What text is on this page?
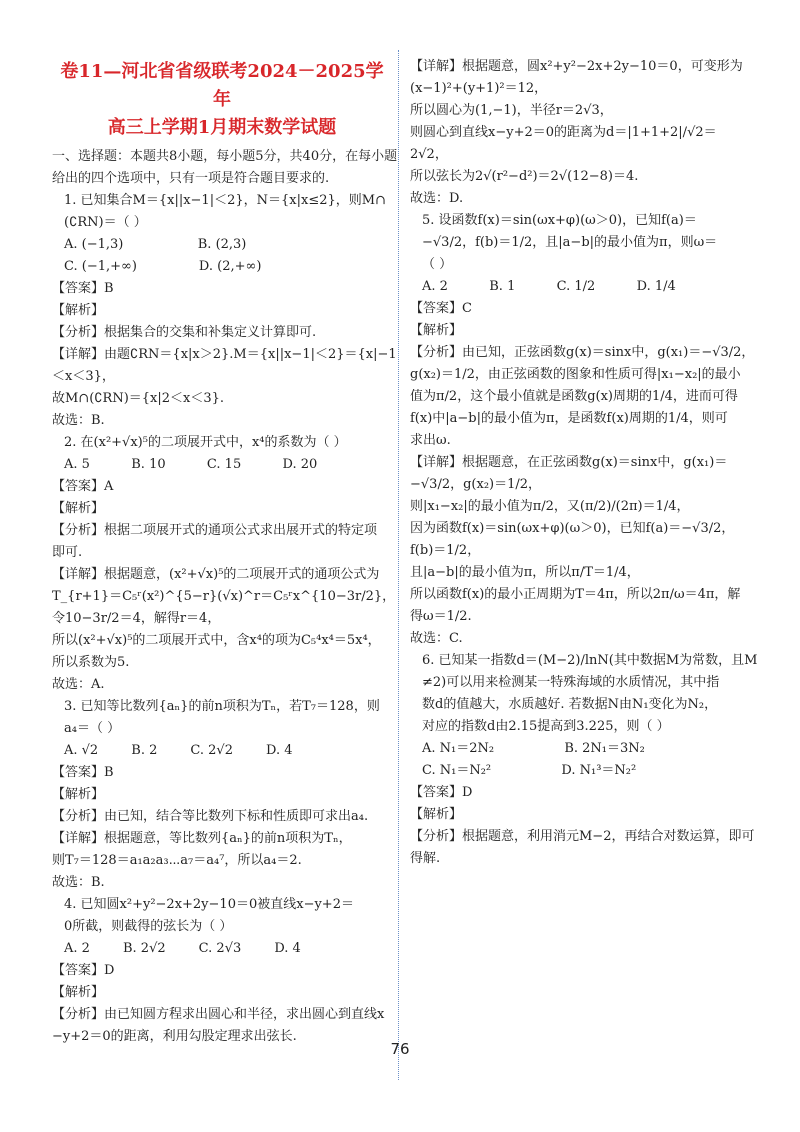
卷11—河北省省级联考2024－2025学年
高三上学期1月期末数学试题
一、选择题：本题共8小题，每小题5分，共40分，在每小题
给出的四个选项中，只有一项是符合题目要求的.
1. 已知集合M＝{x||x−1|＜2}，N＝{x|x≤2}，则M∩
(∁RN)＝（ ）
A. (−1,3)                  B. (2,3)
C. (−1,+∞)               D. (2,+∞)
【答案】B
【解析】
【分析】根据集合的交集和补集定义计算即可.
【详解】由题∁RN＝{x|x＞2}.M＝{x||x−1|＜2}＝{x|−1
＜x＜3}，
故M∩(∁RN)＝{x|2＜x＜3}.
故选：B.
2. 在(x²+√x)⁵的二项展开式中，x⁴的系数为（ ）
A. 5          B. 10          C. 15          D. 20
【答案】A
【解析】
【分析】根据二项展开式的通项公式求出展开式的特定项
即可.
【详解】根据题意，(x²+√x)⁵的二项展开式的通项公式为
T_{r+1}＝C₅ʳ(x²)^{5−r}(√x)^r＝C₅ʳx^{10−3r/2}，
令10−3r/2＝4，解得r＝4，
所以(x²+√x)⁵的二项展开式中，含x⁴的项为C₅⁴x⁴＝5x⁴，
所以系数为5.
故选：A.
3. 已知等比数列{aₙ}的前n项积为Tₙ，若T₇＝128，则
a₄＝（ ）
A. √2        B. 2        C. 2√2        D. 4
【答案】B
【解析】
【分析】由已知，结合等比数列下标和性质即可求出a₄.
【详解】根据题意，等比数列{aₙ}的前n项积为Tₙ，
则T₇＝128＝a₁a₂a₃⋯a₇＝a₄⁷，所以a₄＝2.
故选：B.
4. 已知圆x²+y²−2x+2y−10＝0被直线x−y+2＝
0所截，则截得的弦长为（ ）
A. 2        B. 2√2        C. 2√3        D. 4
【答案】D
【解析】
【分析】由已知圆方程求出圆心和半径，求出圆心到直线x
−y+2＝0的距离，利用勾股定理求出弦长.
【详解】根据题意，圆x²+y²−2x+2y−10＝0，可变形为
(x−1)²+(y+1)²＝12，
所以圆心为(1,−1)，半径r＝2√3，
则圆心到直线x−y+2＝0的距离为d＝|1+1+2|/√2＝
2√2，
所以弦长为2√(r²−d²)＝2√(12−8)＝4.
故选：D.
5. 设函数f(x)＝sin(ωx+φ)(ω＞0)，已知f(a)＝
−√3/2，f(b)＝1/2，且|a−b|的最小值为π，则ω＝
（ ）
A. 2          B. 1          C. 1/2          D. 1/4
【答案】C
【解析】
【分析】由已知，正弦函数g(x)＝sinx中，g(x₁)＝−√3/2，
g(x₂)＝1/2，由正弦函数的图象和性质可得|x₁−x₂|的最小
值为π/2，这个最小值就是函数g(x)周期的1/4，进而可得
f(x)中|a−b|的最小值为π，是函数f(x)周期的1/4，则可
求出ω.
【详解】根据题意，在正弦函数g(x)＝sinx中，g(x₁)＝
−√3/2，g(x₂)＝1/2，
则|x₁−x₂|的最小值为π/2，又(π/2)/(2π)＝1/4，
因为函数f(x)＝sin(ωx+φ)(ω＞0)，已知f(a)＝−√3/2，
f(b)＝1/2，
且|a−b|的最小值为π，所以π/T＝1/4，
所以函数f(x)的最小正周期为T＝4π，所以2π/ω＝4π，解
得ω＝1/2.
故选：C.
6. 已知某一指数d＝(M−2)/lnN(其中数据M为常数，且M
≠2)可以用来检测某一特殊海域的水质情况，其中指
数d的值越大，水质越好. 若数据N由N₁变化为N₂，
对应的指数d由2.15提高到3.225，则（ ）
A. N₁＝2N₂                 B. 2N₁＝3N₂
C. N₁＝N₂²                 D. N₁³＝N₂²
【答案】D
【解析】
【分析】根据题意，利用消元M−2，再结合对数运算，即可
得解.
76
